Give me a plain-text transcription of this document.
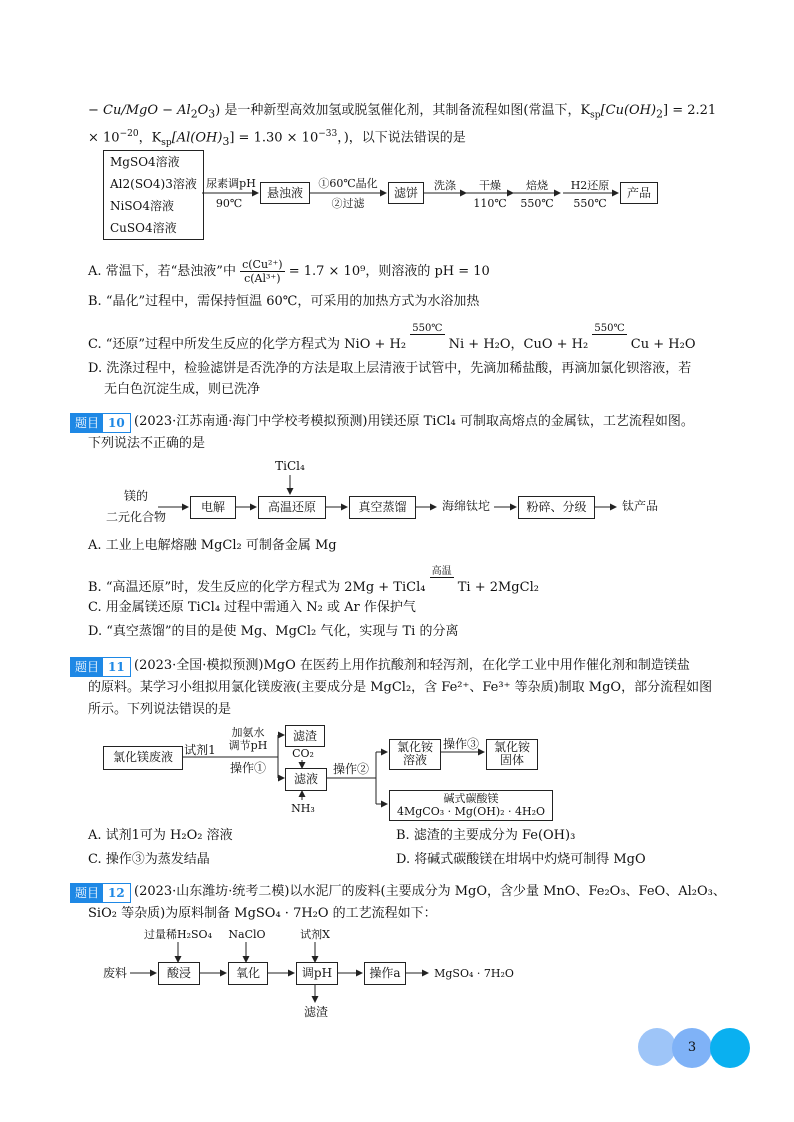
− $Cu/MgO - Al_2O_3$) 是一种新型高效加氢或脱氢催化剂，其制备流程如图(常温下，$K_{sp}[Cu(OH)_2] = 2.21$
× $10^{-20}$，$K_{sp}[Al(OH)_3] = 1.30 \times 10^{-33}$，)，以下说法错误的是
MgSO4溶液
Al2(SO4)3溶液
NiSO4溶液
CuSO4溶液
尿素调pH
90℃
悬浊液
①60℃晶化
②过滤
滤饼
洗涤	干燥
110℃
焙烧
550℃
H2还原
550℃
产品
A. 常温下，若“悬浊液”中 $\frac{\text{c(Cu²⁺)}}{\text{c(Al³⁺)}} = 1.7 \times 10^9$，则溶液的 pH = 10
B. “晶化”过程中，需保持恒温 60℃，可采用的加热方式为水浴加热
C. “还原”过程中所发生反应的化学方程式为 NiO + H₂
550℃
Ni + H₂O，CuO + H₂
550℃
Cu + H₂O
D. 洗涤过程中，检验滤饼是否洗净的方法是取上层清液于试管中，先滴加稀盐酸，再滴加氯化钡溶液，若
无白色沉淀生成，则已洗净
题目 10 (2023·江苏南通·海门中学校考模拟预测)用镁还原 TiCl₄ 可制取高熔点的金属钛，工艺流程如图。
下列说法不正确的是
镁的
二元化合物
电解
TiCl₄
高温还原	真空蒸馏	海绵钛坨	粉碎、分级	钛产品
A. 工业上电解熔融 MgCl₂ 可制备金属 Mg
B. “高温还原”时，发生反应的化学方程式为 2Mg + TiCl₄
高温
Ti + 2MgCl₂
C. 用金属镁还原 TiCl₄ 过程中需通入 N₂ 或 Ar 作保护气
D. “真空蒸馏”的目的是使 Mg、MgCl₂ 气化，实现与 Ti 的分离
题目 11 (2023·全国·模拟预测)MgO 在医药上用作抗酸剂和轻泻剂，在化学工业中用作催化剂和制造镁盐
的原料。某学习小组拟用氯化镁废液(主要成分是 MgCl₂，含 Fe²⁺、Fe³⁺ 等杂质)制取 MgO，部分流程如图
所示。下列说法错误的是
氯化镁废液 试剂1
加氨水
调节pH
操作①
滤渣
CO₂
滤液
NH₃
操作②
氯化铵
溶液
操作③	氯化铵
固体
碱式碳酸镁
4MgCO₃ · Mg(OH)₂ · 4H₂O
A. 试剂1可为 H₂O₂ 溶液	B. 滤渣的主要成分为 Fe(OH)₃
C. 操作③为蒸发结晶	D. 将碱式碳酸镁在坩埚中灼烧可制得 MgO
题目 12 (2023·山东潍坊·统考二模)以水泥厂的废料(主要成分为 MgO，含少量 MnO、Fe₂O₃、FeO、Al₂O₃、
SiO₂ 等杂质)为原料制备 MgSO₄ · 7H₂O 的工艺流程如下：
废料
过量稀H₂SO₄	NaClO	试剂X
酸浸	氧化	调pH	操作a	MgSO₄ · 7H₂O
滤渣
3
